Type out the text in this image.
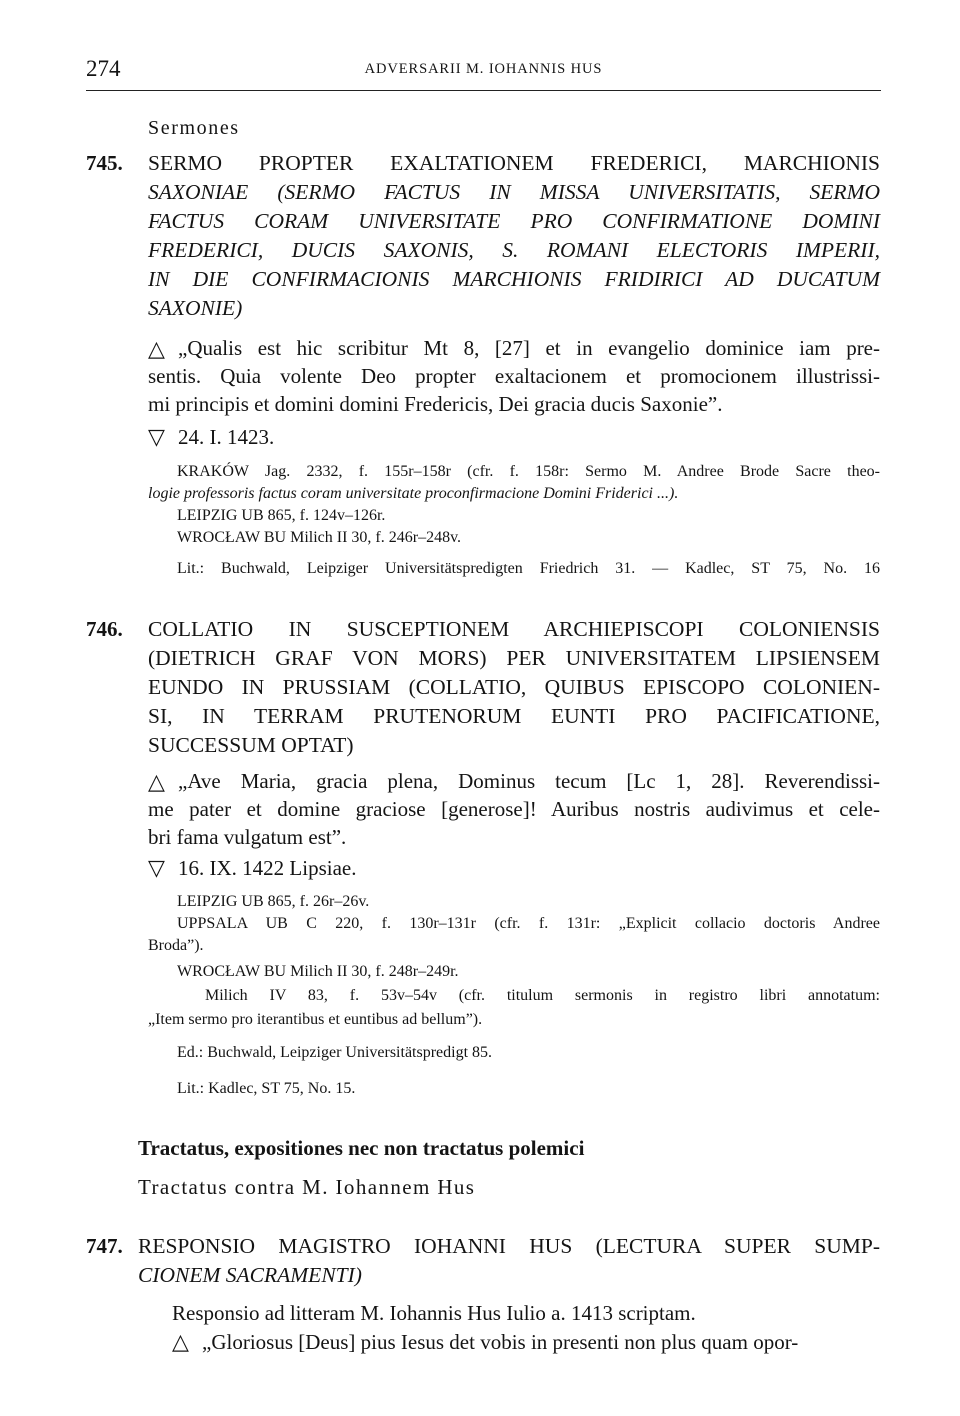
274	ADVERSARII M. IOHANNIS HUS
Sermones
745. SERMO PROPTER EXALTATIONEM FREDERICI, MARCHIONIS
SAXONIAE (SERMO FACTUS IN MISSA UNIVERSITATIS, SERMO
FACTUS CORAM UNIVERSITATE PRO CONFIRMATIONE DOMINI
FREDERICI, DUCIS SAXONIS, S. ROMANI ELECTORIS IMPERII,
IN DIE CONFIRMACIONIS MARCHIONIS FRIDIRICI AD DUCATUM
SAXONIE)
△ „Qualis est hic scribitur Mt 8, [27] et in evangelio dominice iam pre-
sentis. Quia volente Deo propter exaltacionem et promocionem illustrissi-
mi principis et domini domini Fredericis, Dei gracia ducis Saxonie”.
▽ 24. I. 1423.
KRAKÓW Jag. 2332, f. 155r–158r (cfr. f. 158r: Sermo M. Andree Brode Sacre theo-
logie professoris factus coram universitate proconfirmacione Domini Friderici ...).
LEIPZIG UB 865, f. 124v–126r.
WROCŁAW BU Milich II 30, f. 246r–248v.
Lit.: Buchwald, Leipziger Universitätspredigten Friedrich 31. — Kadlec, ST 75, No. 16
746. COLLATIO IN SUSCEPTIONEM ARCHIEPISCOPI COLONIENSIS
(DIETRICH GRAF VON MORS) PER UNIVERSITATEM LIPSIENSEM
EUNDO IN PRUSSIAM (COLLATIO, QUIBUS EPISCOPO COLONIEN-
SI, IN TERRAM PRUTENORUM EUNTI PRO PACIFICATIONE,
SUCCESSUM OPTAT)
△ „Ave Maria, gracia plena, Dominus tecum [Lc 1, 28]. Reverendissi-
me pater et domine graciose [generose]! Auribus nostris audivimus et cele-
bri fama vulgatum est”.
▽ 16. IX. 1422 Lipsiae.
LEIPZIG UB 865, f. 26r–26v.
UPPSALA UB C 220, f. 130r–131r (cfr. f. 131r: „Explicit collacio doctoris Andree
Broda”).
WROCŁAW BU Milich II 30, f. 248r–249r.
Milich IV 83, f. 53v–54v (cfr. titulum sermonis in registro libri annotatum:
„Item sermo pro iterantibus et euntibus ad bellum”).
Ed.: Buchwald, Leipziger Universitätspredigt 85.
Lit.: Kadlec, ST 75, No. 15.
Tractatus, expositiones nec non tractatus polemici
Tractatus contra M. Iohannem Hus
747. RESPONSIO MAGISTRO IOHANNI HUS (LECTURA SUPER SUMP-
CIONEM SACRAMENTI)
Responsio ad litteram M. Iohannis Hus Iulio a. 1413 scriptam.
△ „Gloriosus [Deus] pius Iesus det vobis in presenti non plus quam opor-
